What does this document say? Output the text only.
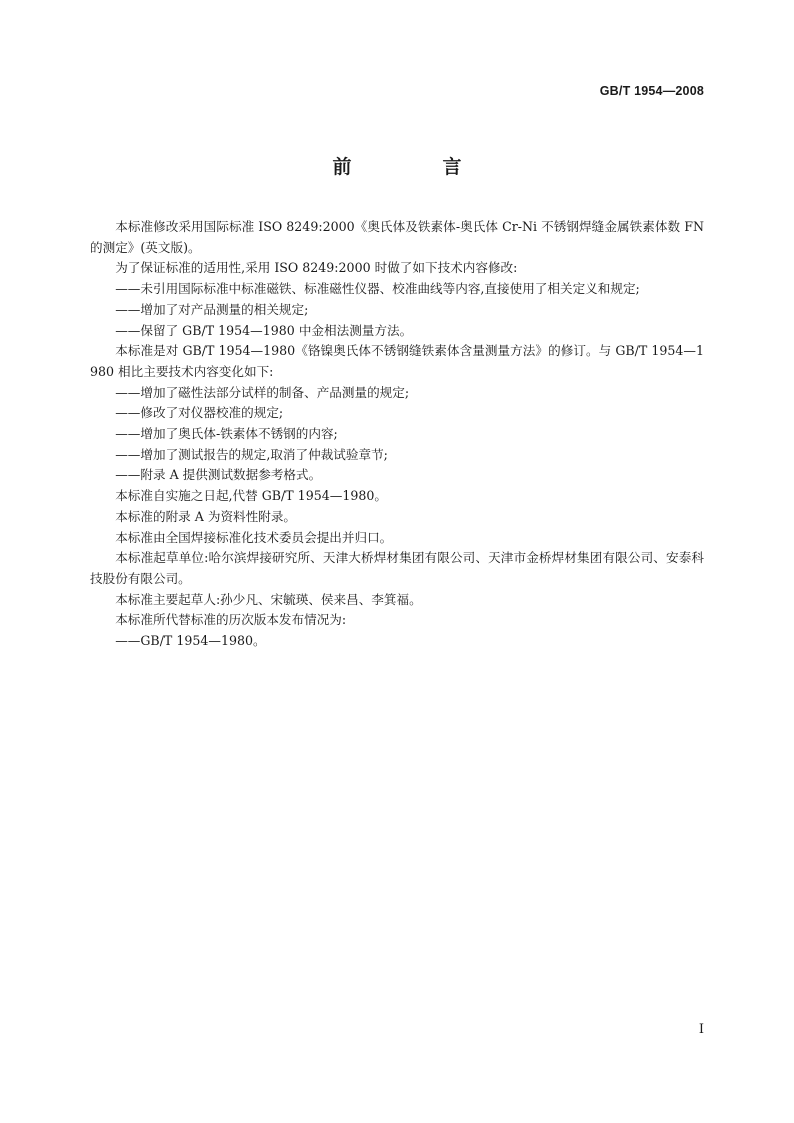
GB/T 1954—2008
前　言

本标准修改采用国际标准 ISO 8249:2000《奥氏体及铁素体-奥氏体 Cr-Ni 不锈钢焊缝金属铁素体数 FN 的测定》(英文版)。

为了保证标准的适用性,采用 ISO 8249:2000 时做了如下技术内容修改:

——未引用国际标准中标准磁铁、标准磁性仪器、校准曲线等内容,直接使用了相关定义和规定;

——增加了对产品测量的相关规定;

——保留了 GB/T 1954—1980 中金相法测量方法。

本标准是对 GB/T 1954—1980《铬镍奥氏体不锈钢缝铁素体含量测量方法》的修订。与 GB/T 1954—1980 相比主要技术内容变化如下:

——增加了磁性法部分试样的制备、产品测量的规定;

——修改了对仪器校准的规定;

——增加了奥氏体-铁素体不锈钢的内容;

——增加了测试报告的规定,取消了仲裁试验章节;

——附录 A 提供测试数据参考格式。

本标准自实施之日起,代替 GB/T 1954—1980。

本标准的附录 A 为资料性附录。

本标准由全国焊接标准化技术委员会提出并归口。

本标准起草单位:哈尔滨焊接研究所、天津大桥焊材集团有限公司、天津市金桥焊材集团有限公司、安泰科技股份有限公司。

本标准主要起草人:孙少凡、宋毓瑛、侯来昌、李箕福。

本标准所代替标准的历次版本发布情况为:

——GB/T 1954—1980。

I
